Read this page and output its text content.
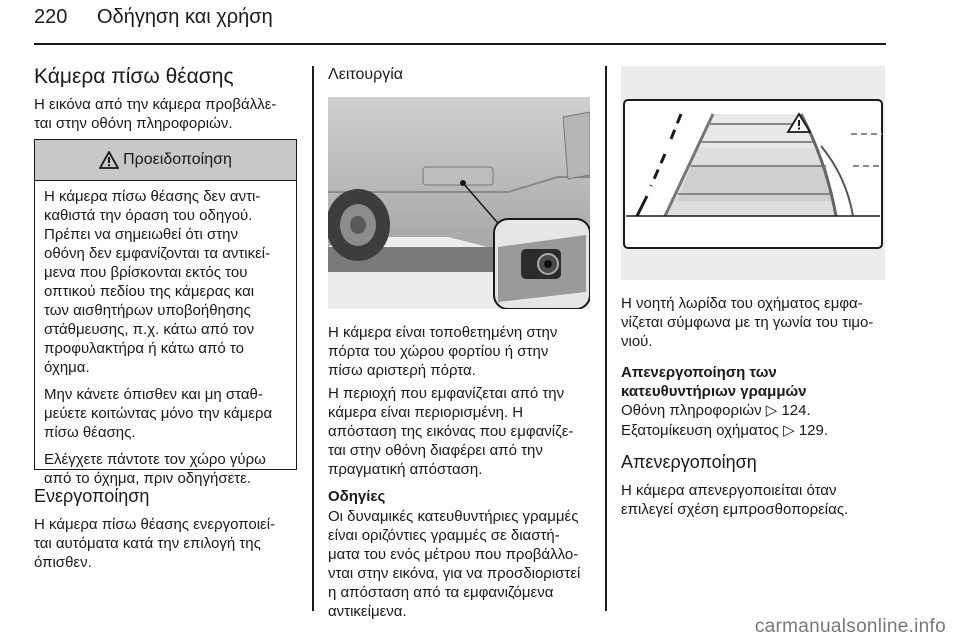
220 Οδήγηση και χρήση
Κάμερα πίσω θέασης

Η εικόνα από την κάμερα προβάλλε‑

ται στην οθόνη πληροφοριών.

Προειδοποίηση

Η κάμερα πίσω θέασης δεν αντι‑
καθιστά την όραση του οδηγού.
Πρέπει να σημειωθεί ότι στην
οθόνη δεν εμφανίζονται τα αντικεί‑
μενα που βρίσκονται εκτός του
οπτικού πεδίου της κάμερας και
των αισθητήρων υποβοήθησης
στάθμευσης, π.χ. κάτω από τον
προφυλακτήρα ή κάτω από το
όχημα.

Μην κάνετε όπισθεν και μη σταθ‑
μεύετε κοιτώντας μόνο την κάμερα
πίσω θέασης.

Ελέγχετε πάντοτε τον χώρο γύρω
από το όχημα, πριν οδηγήσετε.

Ενεργοποίηση

Η κάμερα πίσω θέασης ενεργοποιεί‑

ται αυτόματα κατά την επιλογή της

όπισθεν.

Λειτουργία

Η κάμερα είναι τοποθετημένη στην

πόρτα του χώρου φορτίου ή στην

πίσω αριστερή πόρτα.

Η περιοχή που εμφανίζεται από την

κάμερα είναι περιορισμένη. Η

απόσταση της εικόνας που εμφανίζε‑

ται στην οθόνη διαφέρει από την

πραγματική απόσταση.

Οδηγίες

Οι δυναμικές κατευθυντήριες γραμμές

είναι οριζόντιες γραμμές σε διαστή‑

ματα του ενός μέτρου που προβάλλο‑

νται στην εικόνα, για να προσδιοριστεί

η απόσταση από τα εμφανιζόμενα

αντικείμενα.

Η νοητή λωρίδα του οχήματος εμφα‑

νίζεται σύμφωνα με τη γωνία του τιμο‑

νιού.

Απενεργοποίηση των
κατευθυντήριων γραμμών
Οθόνη πληροφοριών ▷ 124.
Εξατομίκευση οχήματος ▷ 129.
Απενεργοποίηση

Η κάμερα απενεργοποιείται όταν

επιλεγεί σχέση εμπροσθοπορείας.

carmanualsonline.info
